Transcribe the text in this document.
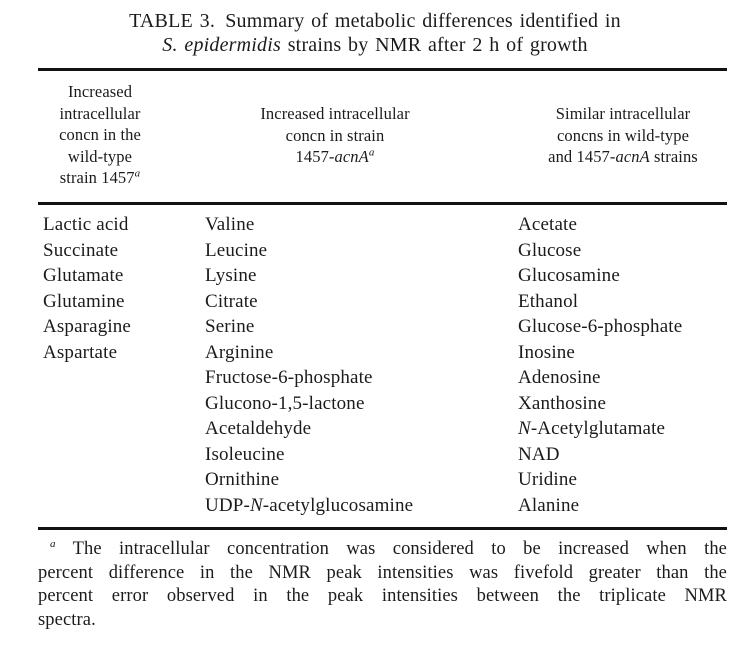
TABLE 3. Summary of metabolic differences identified in
S. epidermidis strains by NMR after 2 h of growth
Increased
intracellular
concn in the
wild-type
strain 1457$^a$
Increased intracellular
concn in strain
1457-acnA$^a$
Similar intracellular
concns in wild-type
and 1457-acnA strains
Lactic acid
Succinate
Glutamate
Glutamine
Asparagine
Aspartate
Valine
Leucine
Lysine
Citrate
Serine
Arginine
Fructose-6-phosphate
Glucono-1,5-lactone
Acetaldehyde
Isoleucine
Ornithine
UDP-N-acetylglucosamine
Acetate
Glucose
Glucosamine
Ethanol
Glucose-6-phosphate
Inosine
Adenosine
Xanthosine
N-Acetylglutamate
NAD
Uridine
Alanine
$^a$ The intracellular concentration was considered to be increased when the
percent difference in the NMR peak intensities was fivefold greater than the
percent error observed in the peak intensities between the triplicate NMR
spectra.
